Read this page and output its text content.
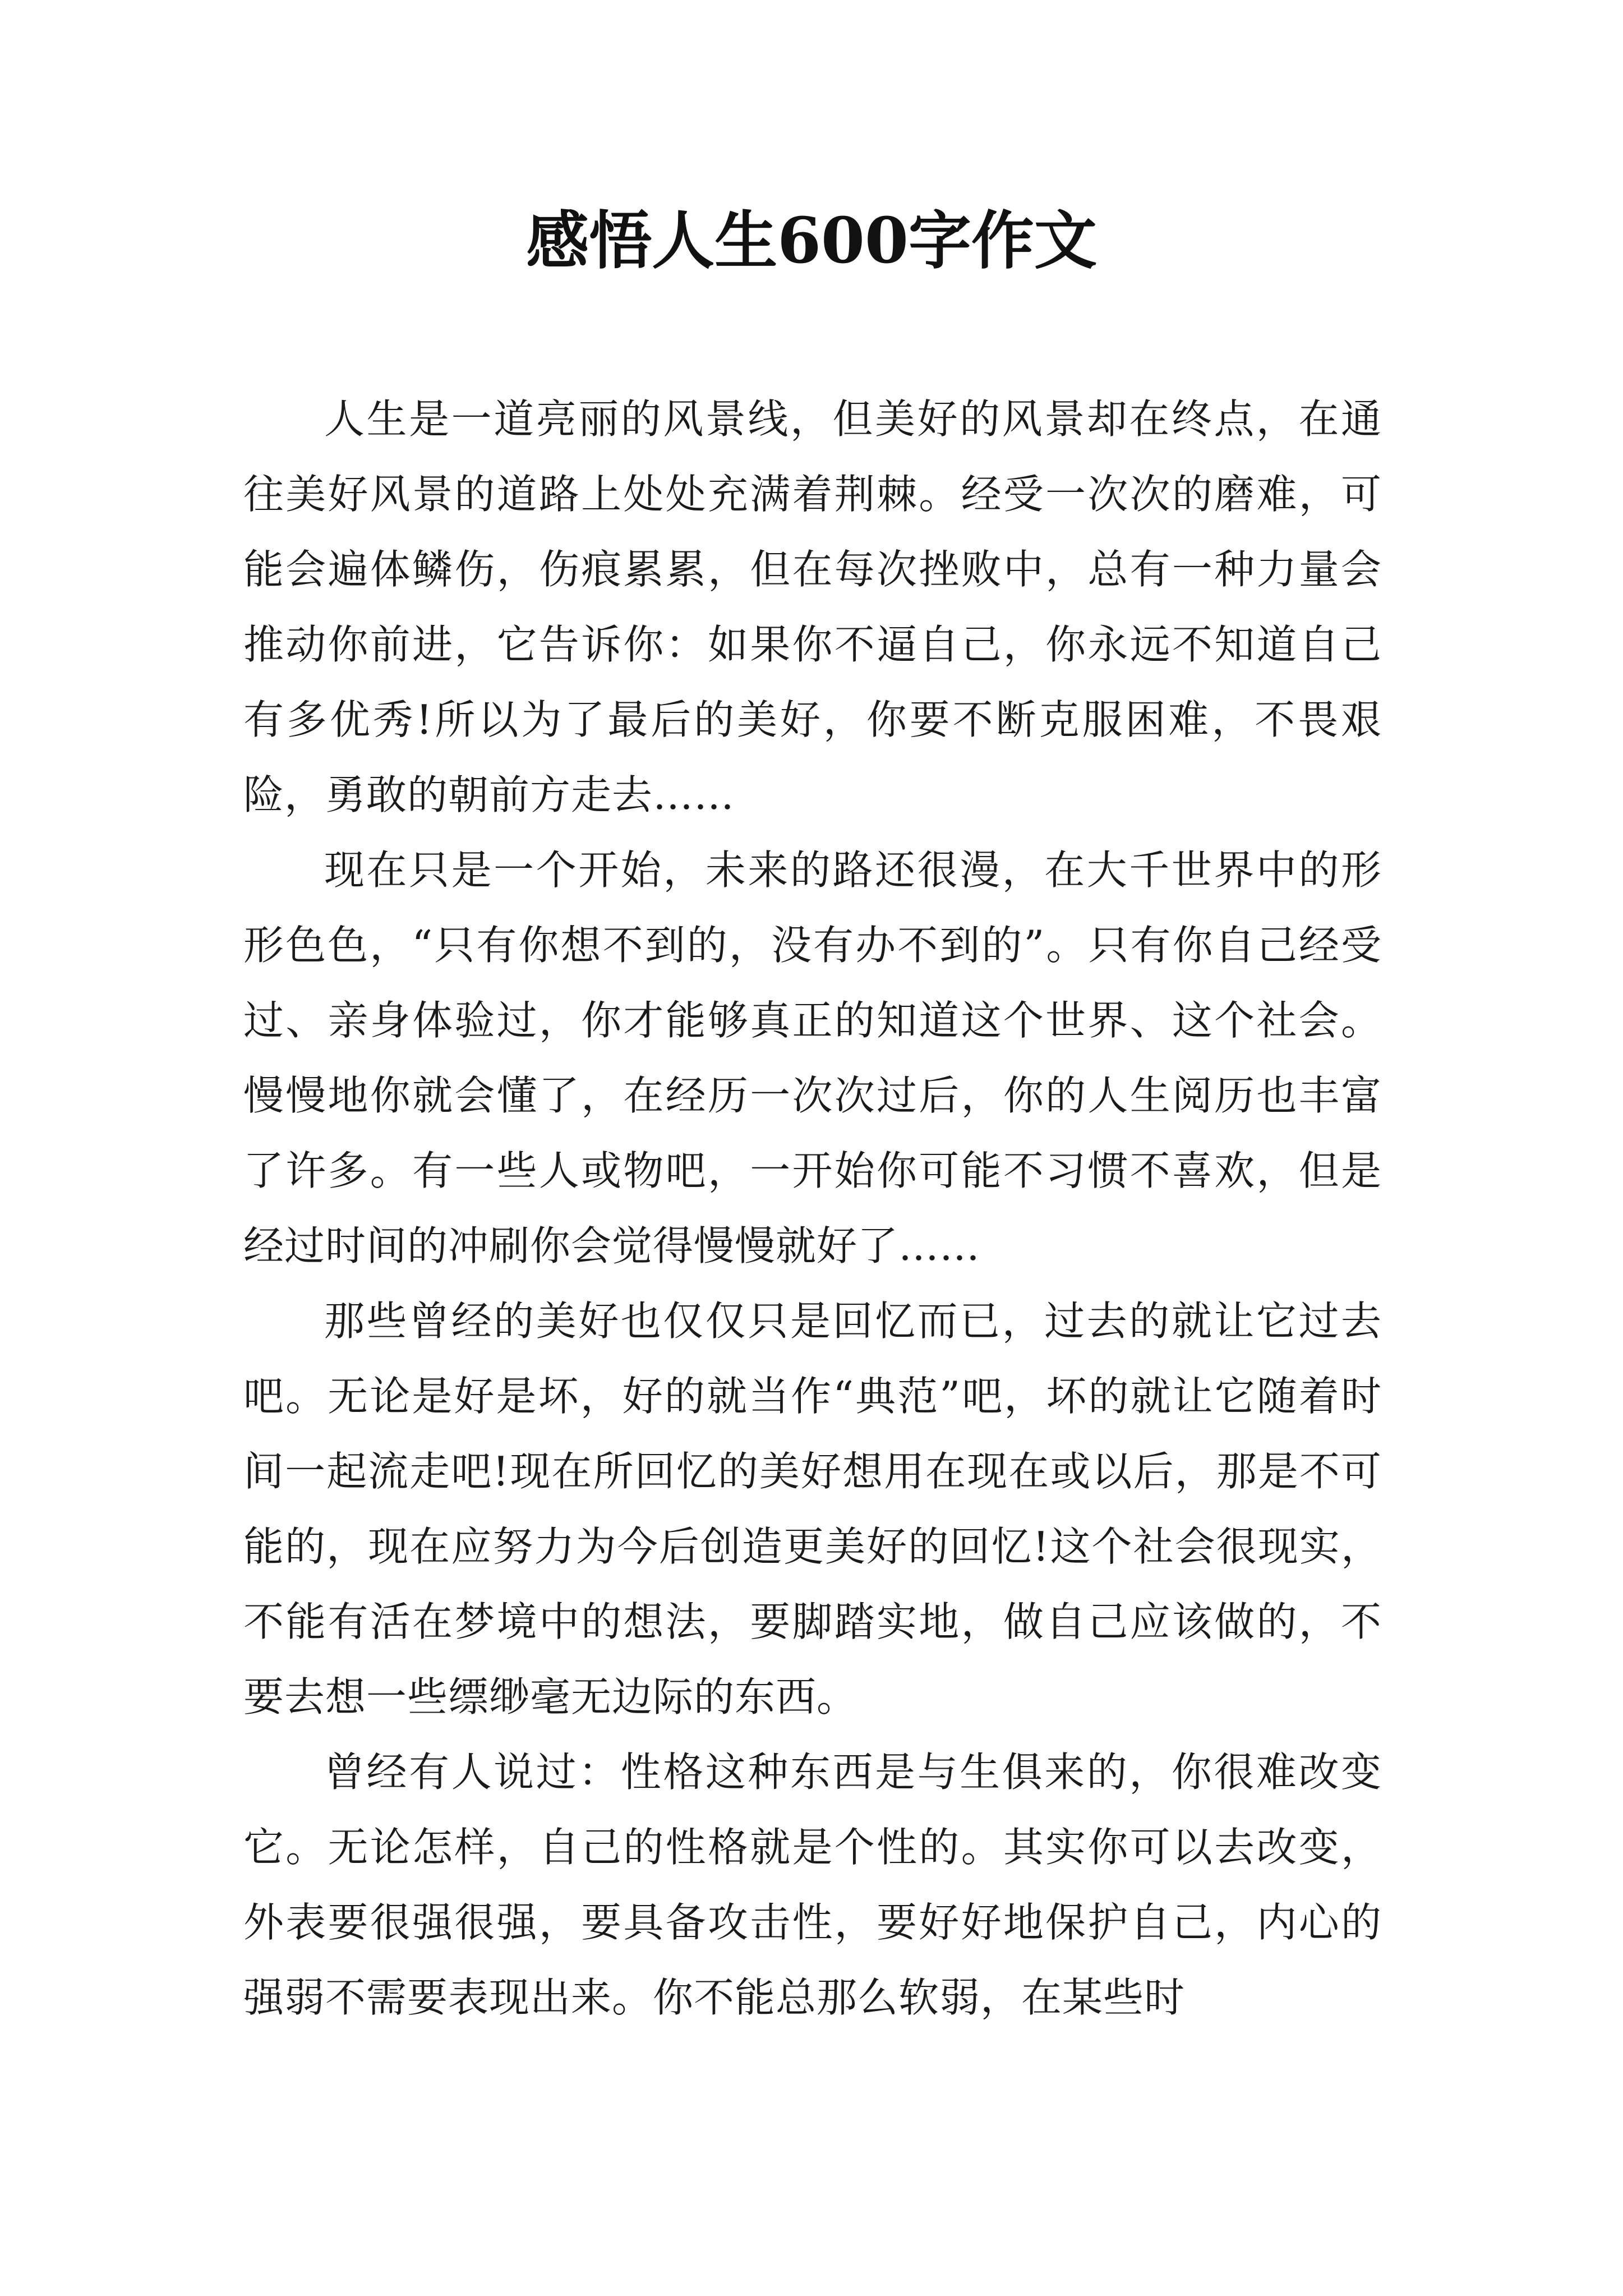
感悟人生600字作文

人生是一道亮丽的风景线，但美好的风景却在终点，在通往美好风景的道路上处处充满着荆棘。经受一次次的磨难，可能会遍体鳞伤，伤痕累累，但在每次挫败中，总有一种力量会推动你前进，它告诉你：如果你不逼自己，你永远不知道自己有多优秀!所以为了最后的美好，你要不断克服困难，不畏艰险，勇敢的朝前方走去……

现在只是一个开始，未来的路还很漫，在大千世界中的形形色色，“只有你想不到的，没有办不到的”。只有你自己经受过、亲身体验过，你才能够真正的知道这个世界、这个社会。慢慢地你就会懂了，在经历一次次过后，你的人生阅历也丰富了许多。有一些人或物吧，一开始你可能不习惯不喜欢，但是经过时间的冲刷你会觉得慢慢就好了……

那些曾经的美好也仅仅只是回忆而已，过去的就让它过去吧。无论是好是坏，好的就当作“典范”吧，坏的就让它随着时间一起流走吧!现在所回忆的美好想用在现在或以后，那是不可能的，现在应努力为今后创造更美好的回忆!这个社会很现实，不能有活在梦境中的想法，要脚踏实地，做自己应该做的，不要去想一些缥缈毫无边际的东西。

曾经有人说过：性格这种东西是与生俱来的，你很难改变它。无论怎样，自己的性格就是个性的。其实你可以去改变，外表要很强很强，要具备攻击性，要好好地保护自己，内心的强弱不需要表现出来。你不能总那么软弱，在某些时
